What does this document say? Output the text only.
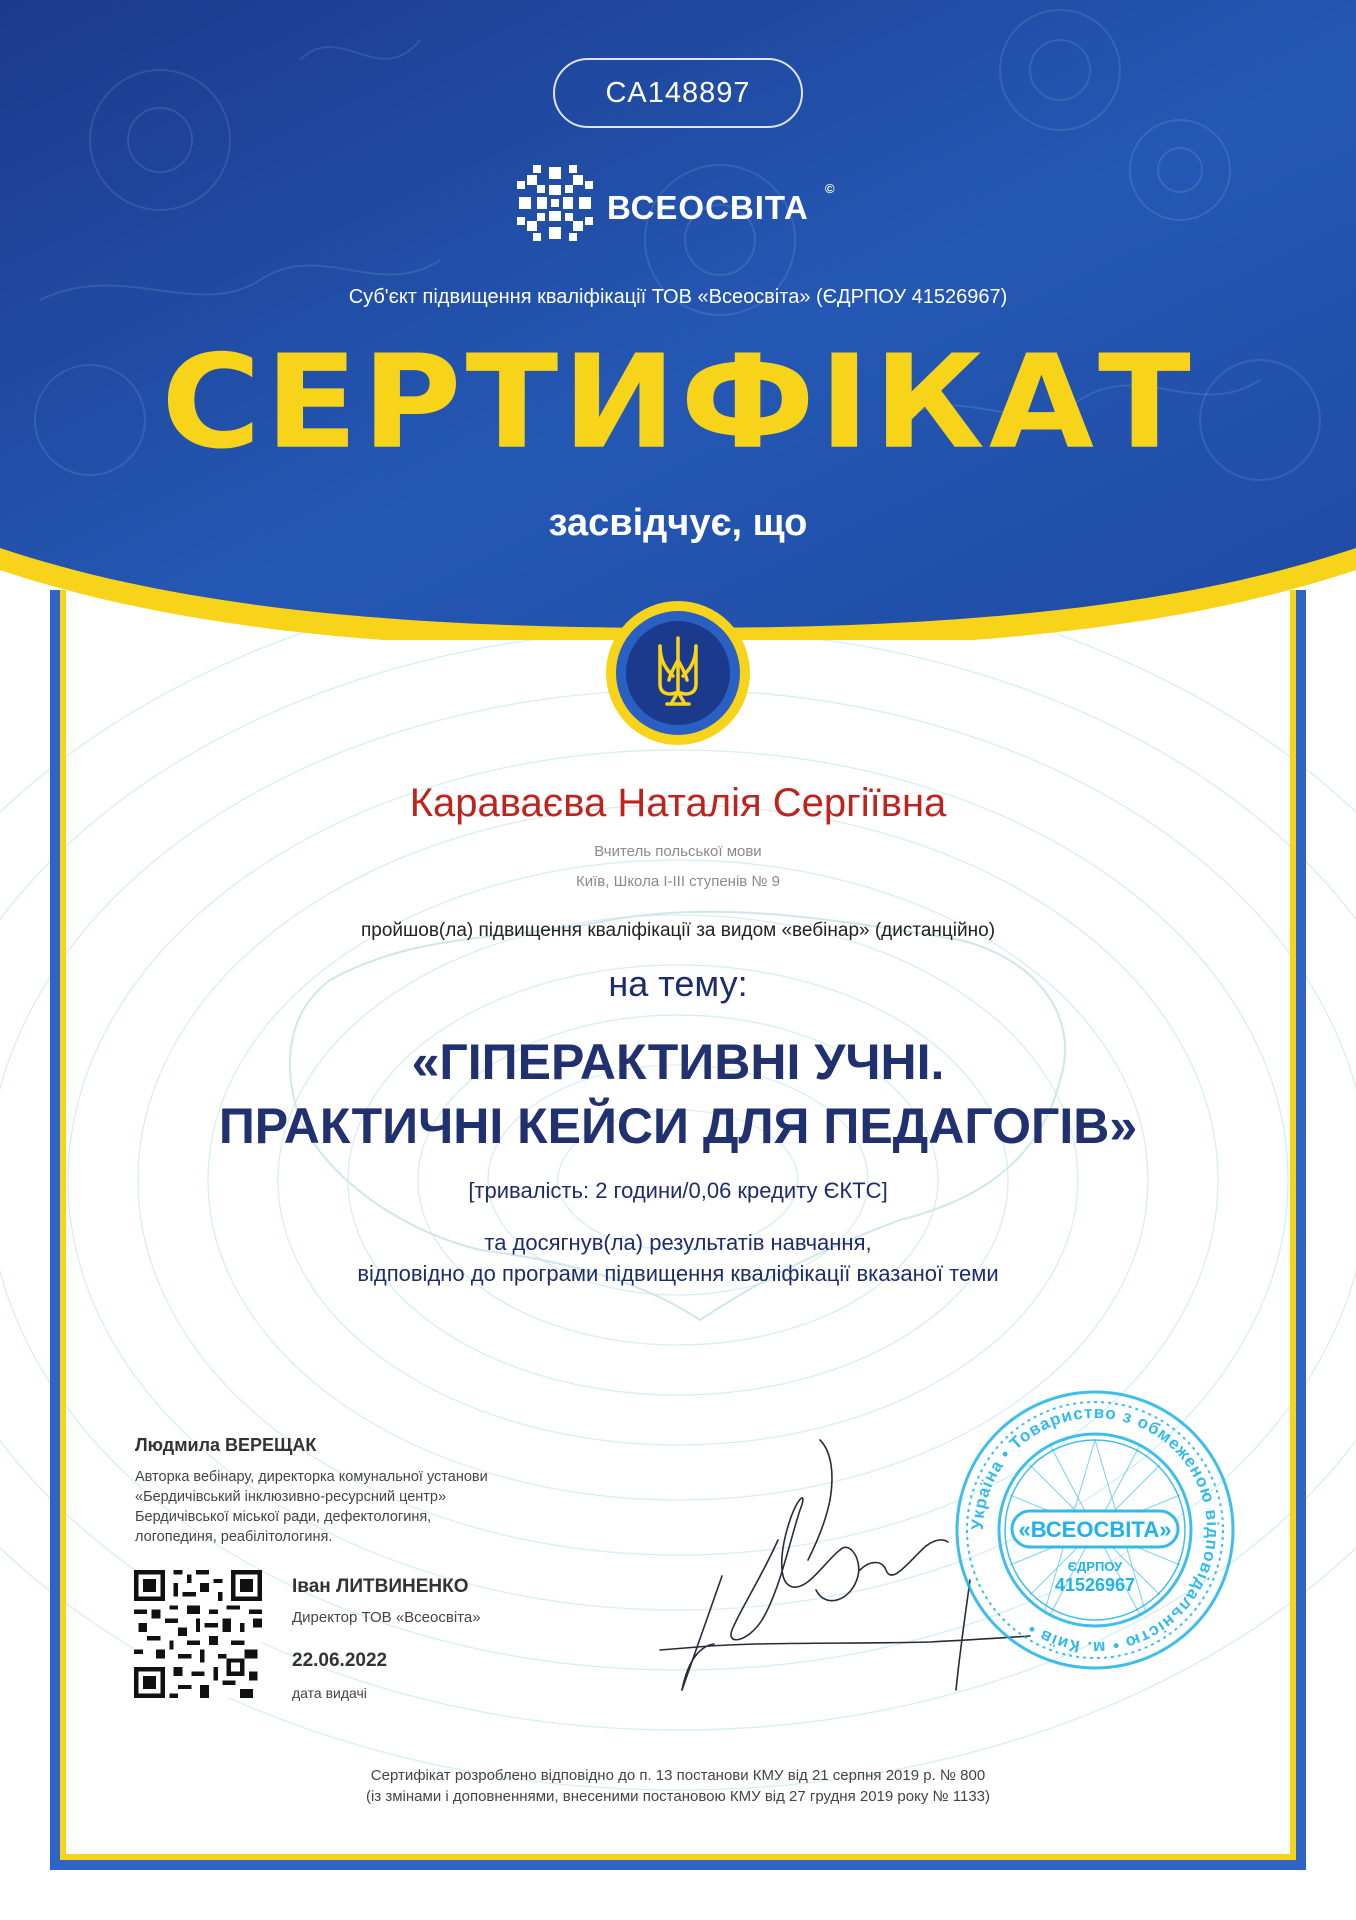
CA148897
ВСЕОСВІТА
©
Суб'єкт підвищення кваліфікації ТОВ «Всеосвіта» (ЄДРПОУ 41526967)
СЕРТИФІКАТ
засвідчує, що
Караваєва Наталія Сергіївна
Вчитель польської мови
Київ, Школа І-ІІІ ступенів № 9
пройшов(ла) підвищення кваліфікації за видом «вебінар» (дистанційно)
на тему:
«ГІПЕРАКТИВНІ УЧНІ.
ПРАКТИЧНІ КЕЙСИ ДЛЯ ПЕДАГОГІВ»
[тривалість: 2 години/0,06 кредиту ЄКТС]
та досягнув(ла) результатів навчання,
відповідно до програми підвищення кваліфікації вказаної теми
Людмила ВЕРЕЩАК
Авторка вебінару, директорка комунальної установи
«Бердичівський інклюзивно-ресурсний центр»
Бердичівської міської ради, дефектологиня,
логопединя, реабілітологиня.
Іван ЛИТВИНЕНКО
Директор ТОВ «Всеосвіта»
22.06.2022
дата видачі
Україна • Товариство з обмеженою відповідальністю • м. Київ •
«ВСЕОСВІТА»
ЄДРПОУ
41526967
Сертифікат розроблено відповідно до п. 13 постанови КМУ від 21 серпня 2019 р. № 800
(із змінами і доповненнями, внесеними постановою КМУ від 27 грудня 2019 року № 1133)
